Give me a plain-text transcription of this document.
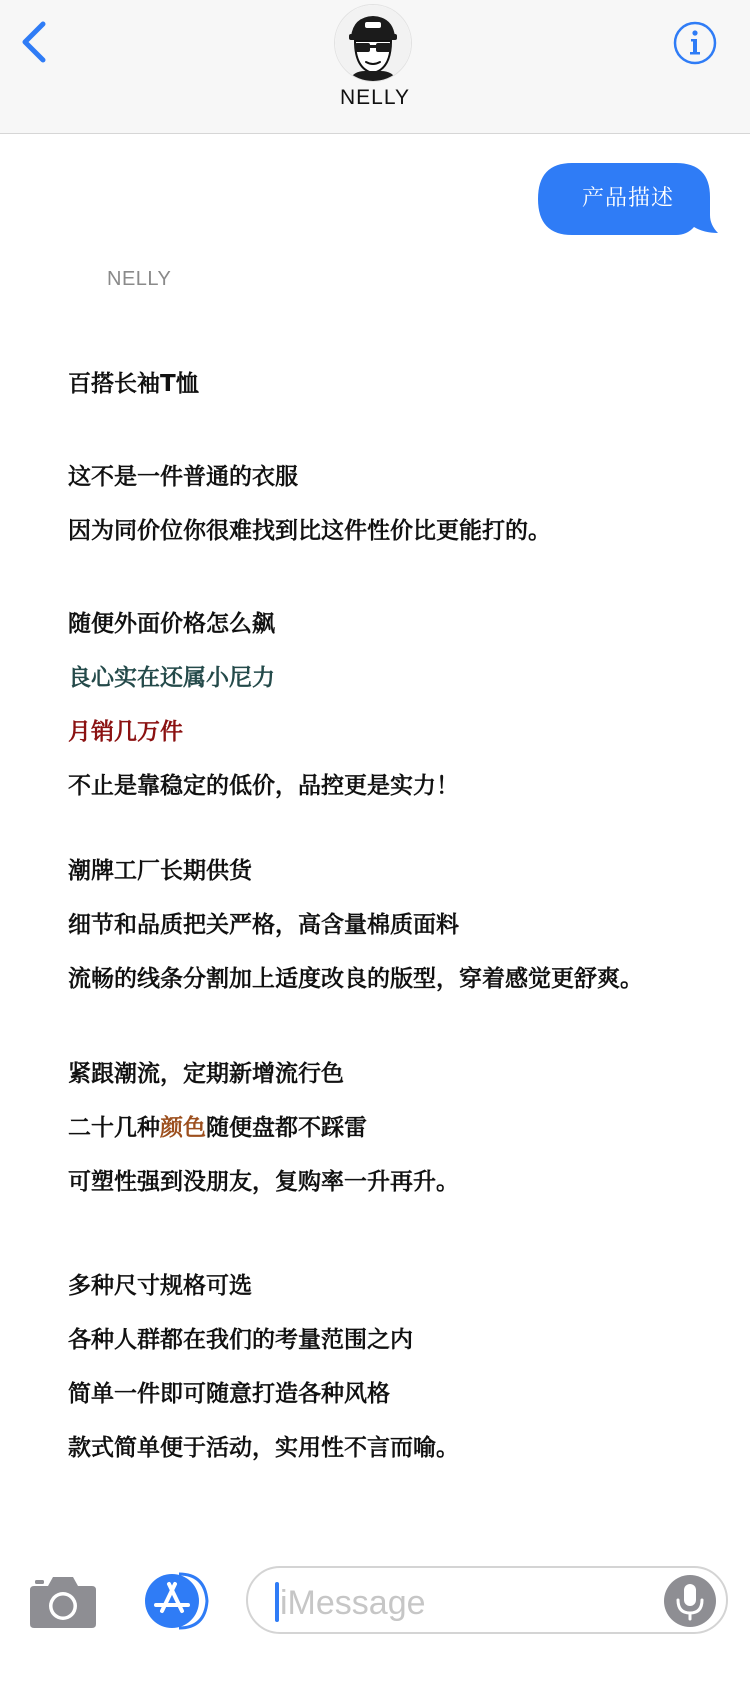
NELLY
产品描述
NELLY
百搭长袖T恤
这不是一件普通的衣服
因为同价位你很难找到比这件性价比更能打的。
随便外面价格怎么飙
良心实在还属小尼力
月销几万件
不止是靠稳定的低价，品控更是实力！
潮牌工厂长期供货
细节和品质把关严格，高含量棉质面料
流畅的线条分割加上适度改良的版型，穿着感觉更舒爽。
紧跟潮流，定期新增流行色
二十几种颜色随便盘都不踩雷
可塑性强到没朋友，复购率一升再升。
多种尺寸规格可选
各种人群都在我们的考量范围之内
简单一件即可随意打造各种风格
款式简单便于活动，实用性不言而喻。
iMessage
